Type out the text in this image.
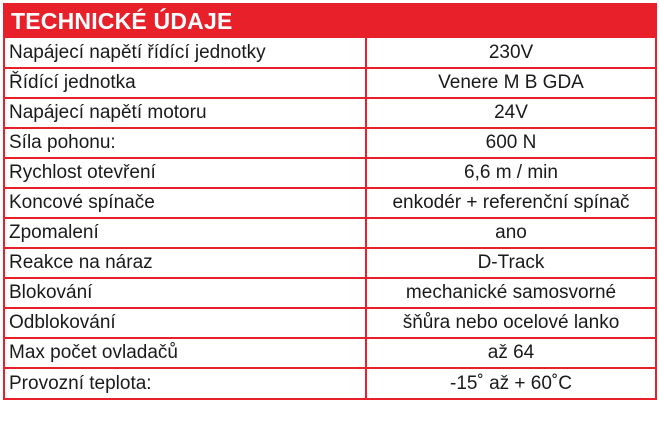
TECHNICKÉ ÚDAJE
Napájecí napětí řídící jednotky	230V
Řídící jednotka	Venere M B GDA
Napájecí napětí motoru	24V
Síla pohonu:	600 N
Rychlost otevření	6,6 m / min
Koncové spínače	enkodér + referenční spínač
Zpomalení	ano
Reakce na náraz	D-Track
Blokování	mechanické samosvorné
Odblokování	šňůra nebo ocelové lanko
Max počet ovladačů	až 64
Provozní teplota:	-15˚ až + 60˚C
